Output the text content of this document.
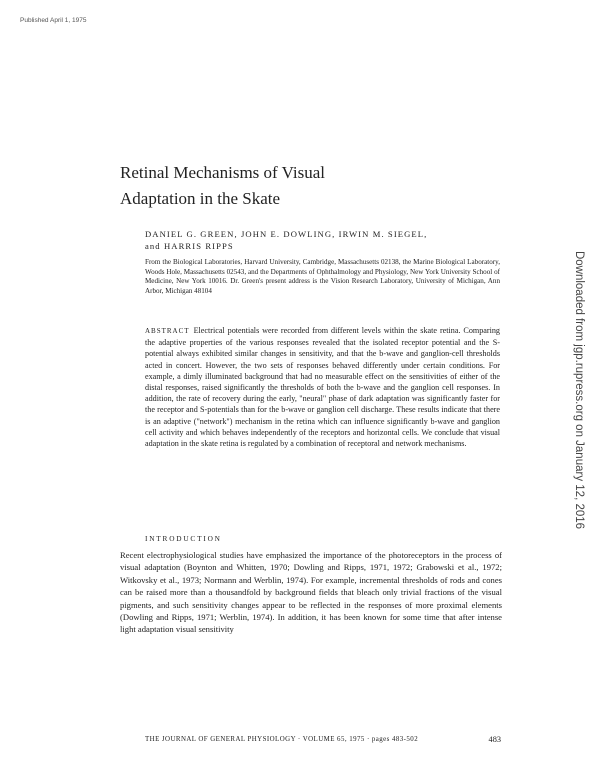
Published April 1, 1975
Retinal Mechanisms of Visual
Adaptation in the Skate
DANIEL G. GREEN, JOHN E. DOWLING, IRWIN M. SIEGEL,
and HARRIS RIPPS
From the Biological Laboratories, Harvard University, Cambridge, Massachusetts 02138, the Marine Biological Laboratory, Woods Hole, Massachusetts 02543, and the Departments of Ophthalmology and Physiology, New York University School of Medicine, New York 10016. Dr. Green's present address is the Vision Research Laboratory, University of Michigan, Ann Arbor, Michigan 48104
ABSTRACT Electrical potentials were recorded from different levels within the skate retina. Comparing the adaptive properties of the various responses revealed that the isolated receptor potential and the S-potential always exhibited similar changes in sensitivity, and that the b-wave and ganglion-cell thresholds acted in concert. However, the two sets of responses behaved differently under certain conditions. For example, a dimly illuminated background that had no measurable effect on the sensitivities of either of the distal responses, raised significantly the thresholds of both the b-wave and the ganglion cell responses. In addition, the rate of recovery during the early, "neural" phase of dark adaptation was significantly faster for the receptor and S-potentials than for the b-wave or ganglion cell discharge. These results indicate that there is an adaptive ("network") mechanism in the retina which can influence significantly b-wave and ganglion cell activity and which behaves independently of the receptors and horizontal cells. We conclude that visual adaptation in the skate retina is regulated by a combination of receptoral and network mechanisms.
INTRODUCTION
Recent electrophysiological studies have emphasized the importance of the photoreceptors in the process of visual adaptation (Boynton and Whitten, 1970; Dowling and Ripps, 1971, 1972; Grabowski et al., 1972; Witkovsky et al., 1973; Normann and Werblin, 1974). For example, incremental thresholds of rods and cones can be raised more than a thousandfold by background fields that bleach only trivial fractions of the visual pigments, and such sensitivity changes appear to be reflected in the responses of more proximal elements (Dowling and Ripps, 1971; Werblin, 1974). In addition, it has been known for some time that after intense light adaptation visual sensitivity
THE JOURNAL OF GENERAL PHYSIOLOGY · VOLUME 65, 1975 · pages 483-502	483
Downloaded from jgp.rupress.org on January 12, 2016
